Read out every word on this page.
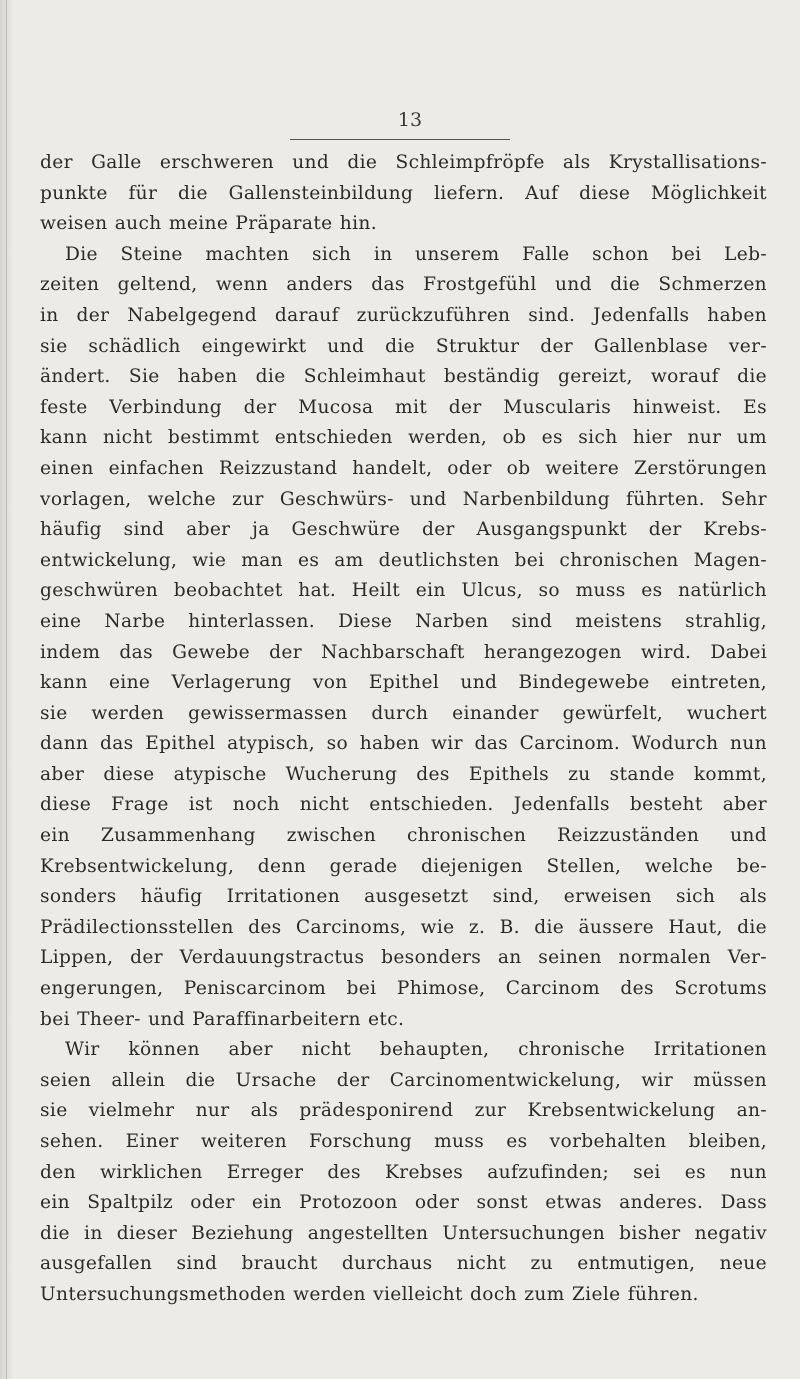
13
der Galle erschweren und die Schleimpfröpfe als Krystallisations-
punkte für die Gallensteinbildung liefern. Auf diese Möglichkeit
weisen auch meine Präparate hin.
Die Steine machten sich in unserem Falle schon bei Leb-
zeiten geltend, wenn anders das Frostgefühl und die Schmerzen
in der Nabelgegend darauf zurückzuführen sind. Jedenfalls haben
sie schädlich eingewirkt und die Struktur der Gallenblase ver-
ändert. Sie haben die Schleimhaut beständig gereizt, worauf die
feste Verbindung der Mucosa mit der Muscularis hinweist. Es
kann nicht bestimmt entschieden werden, ob es sich hier nur um
einen einfachen Reizzustand handelt, oder ob weitere Zerstörungen
vorlagen, welche zur Geschwürs- und Narbenbildung führten. Sehr
häufig sind aber ja Geschwüre der Ausgangspunkt der Krebs-
entwickelung, wie man es am deutlichsten bei chronischen Magen-
geschwüren beobachtet hat. Heilt ein Ulcus, so muss es natürlich
eine Narbe hinterlassen. Diese Narben sind meistens strahlig,
indem das Gewebe der Nachbarschaft herangezogen wird. Dabei
kann eine Verlagerung von Epithel und Bindegewebe eintreten,
sie werden gewissermassen durch einander gewürfelt, wuchert
dann das Epithel atypisch, so haben wir das Carcinom. Wodurch nun
aber diese atypische Wucherung des Epithels zu stande kommt,
diese Frage ist noch nicht entschieden. Jedenfalls besteht aber
ein Zusammenhang zwischen chronischen Reizzuständen und
Krebsentwickelung, denn gerade diejenigen Stellen, welche be-
sonders häufig Irritationen ausgesetzt sind, erweisen sich als
Prädilectionsstellen des Carcinoms, wie z. B. die äussere Haut, die
Lippen, der Verdauungstractus besonders an seinen normalen Ver-
engerungen, Peniscarcinom bei Phimose, Carcinom des Scrotums
bei Theer- und Paraffinarbeitern etc.
Wir können aber nicht behaupten, chronische Irritationen
seien allein die Ursache der Carcinomentwickelung, wir müssen
sie vielmehr nur als prädesponirend zur Krebsentwickelung an-
sehen. Einer weiteren Forschung muss es vorbehalten bleiben,
den wirklichen Erreger des Krebses aufzufinden; sei es nun
ein Spaltpilz oder ein Protozoon oder sonst etwas anderes. Dass
die in dieser Beziehung angestellten Untersuchungen bisher negativ
ausgefallen sind braucht durchaus nicht zu entmutigen, neue
Untersuchungsmethoden werden vielleicht doch zum Ziele führen.
